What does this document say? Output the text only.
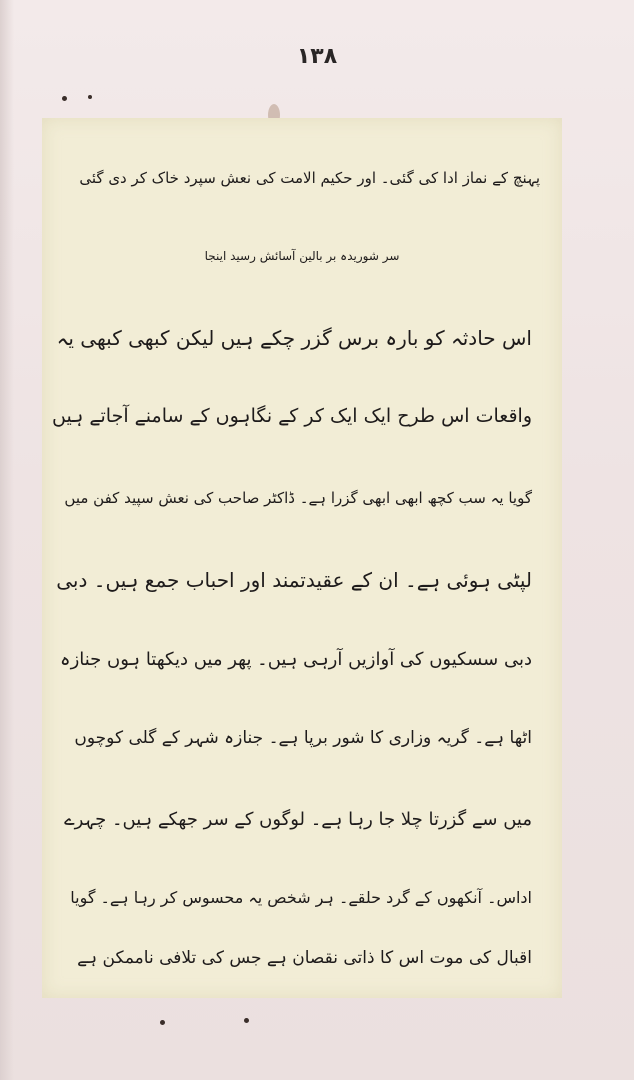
۱۳۸
پہنچ کے نماز ادا کی گئی۔ اور حکیم الامت کی نعش سپرد خاک کر دی گئی
سر شوریدہ بر بالین آسائش رسید اینجا
اس حادثہ کو بارہ برس گزر چکے ہیں لیکن کبھی کبھی یہ
واقعات اس طرح ایک ایک کر کے نگاہوں کے سامنے آجاتے ہیں
گویا یہ سب کچھ ابھی ابھی گزرا ہے۔ ڈاکٹر صاحب کی نعش سپید کفن میں
لپٹی ہوئی ہے۔ ان کے عقیدتمند اور احباب جمع ہیں۔ دبی
دبی سسکیوں کی آوازیں آرہی ہیں۔ پھر میں دیکھتا ہوں جنازہ
اٹھا ہے۔ گریہ وزاری کا شور برپا ہے۔ جنازہ شہر کے گلی کوچوں
میں سے گزرتا چلا جا رہا ہے۔ لوگوں کے سر جھکے ہیں۔ چہرے
اداس۔ آنکھوں کے گرد حلقے۔ ہر شخص یہ محسوس کر رہا ہے۔ گویا
اقبال کی موت اس کا ذاتی نقصان ہے جس کی تلافی ناممکن ہے
